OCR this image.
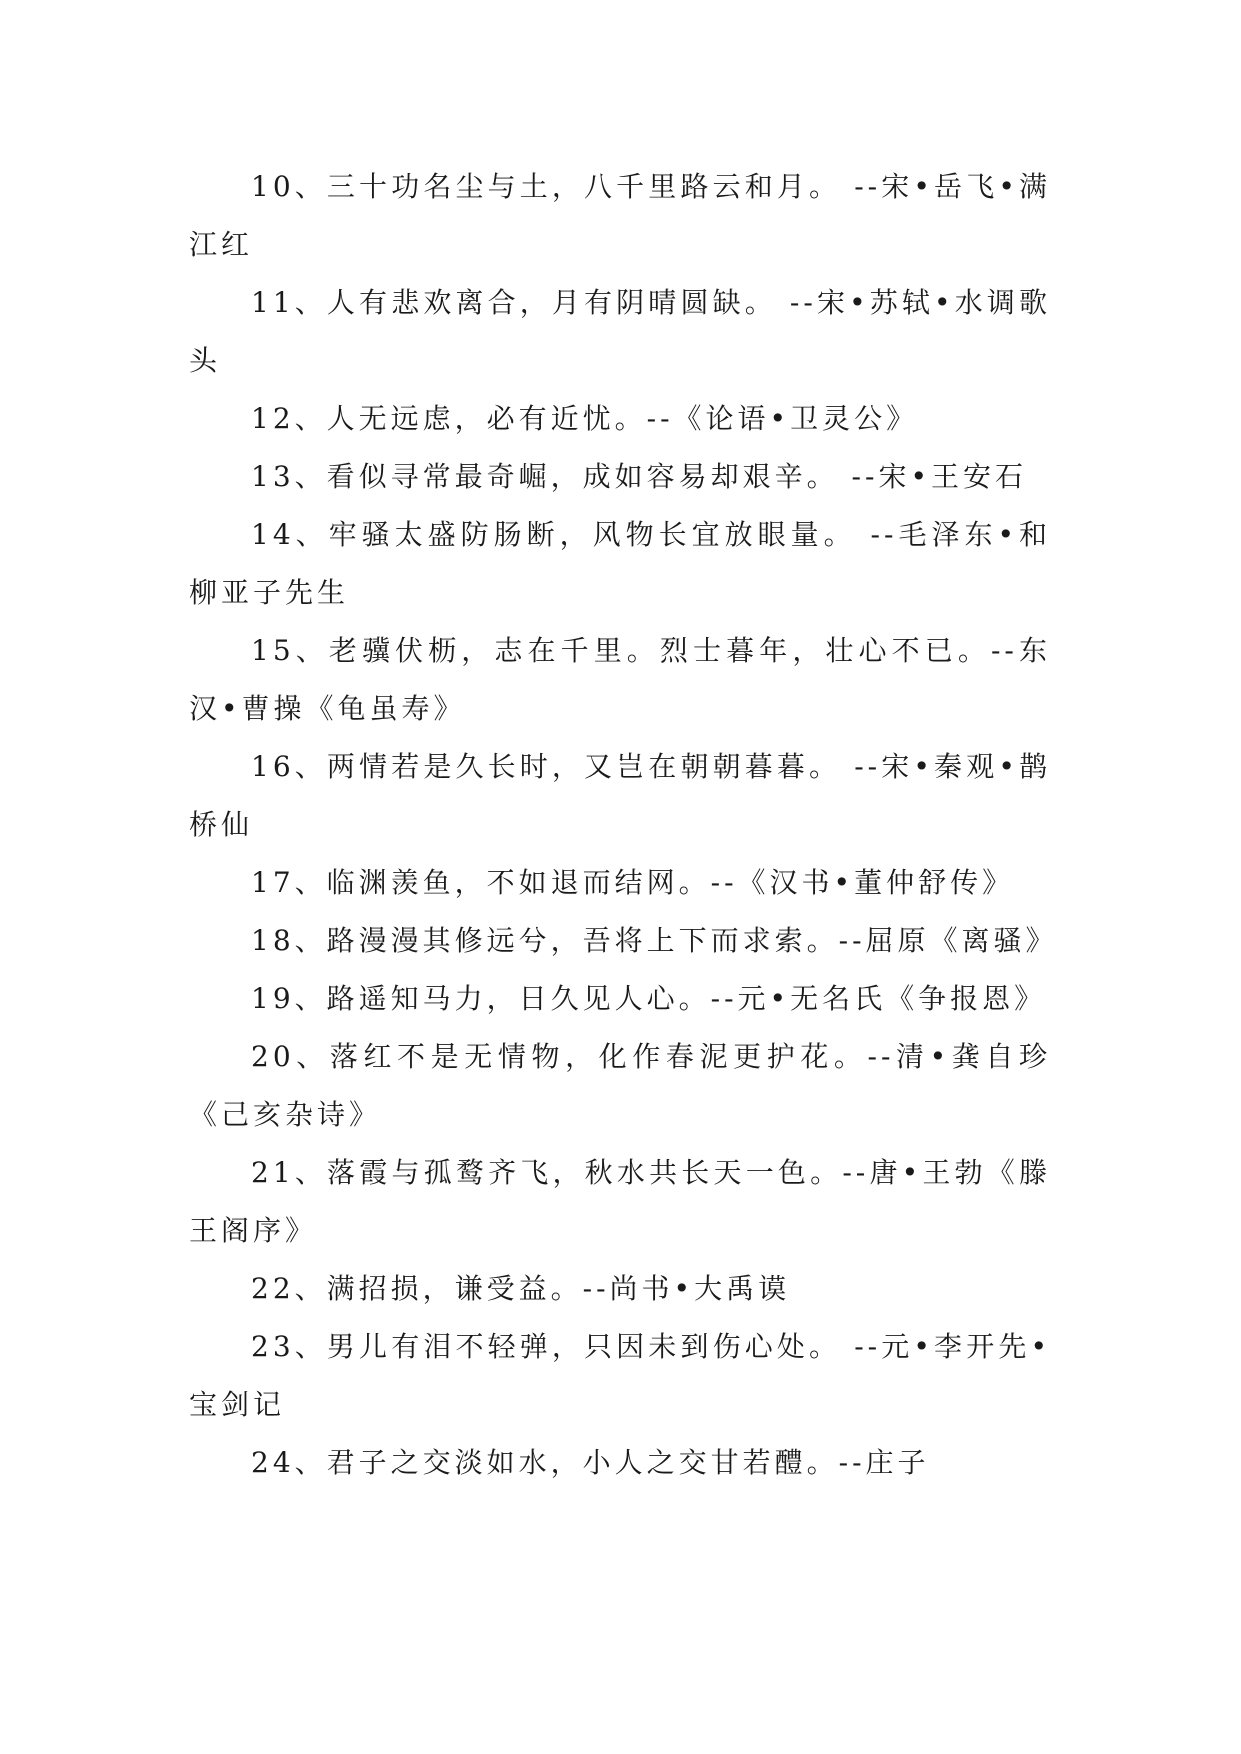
10、三十功名尘与土，八千里路云和月。 --宋•岳飞•满江红

11、人有悲欢离合，月有阴晴圆缺。 --宋•苏轼•水调歌头

12、人无远虑，必有近忧。--《论语•卫灵公》

13、看似寻常最奇崛，成如容易却艰辛。 --宋•王安石

14、牢骚太盛防肠断，风物长宜放眼量。 --毛泽东•和柳亚子先生

15、老骥伏枥，志在千里。烈士暮年，壮心不已。--东汉•曹操《龟虽寿》

16、两情若是久长时，又岂在朝朝暮暮。 --宋•秦观•鹊桥仙

17、临渊羡鱼，不如退而结网。--《汉书•董仲舒传》

18、路漫漫其修远兮，吾将上下而求索。--屈原《离骚》

19、路遥知马力，日久见人心。--元•无名氏《争报恩》

20、落红不是无情物，化作春泥更护花。--清•龚自珍《己亥杂诗》

21、落霞与孤鹜齐飞，秋水共长天一色。--唐•王勃《滕王阁序》

22、满招损，谦受益。--尚书•大禹谟

23、男儿有泪不轻弹，只因未到伤心处。 --元•李开先•宝剑记

24、君子之交淡如水，小人之交甘若醴。--庄子
